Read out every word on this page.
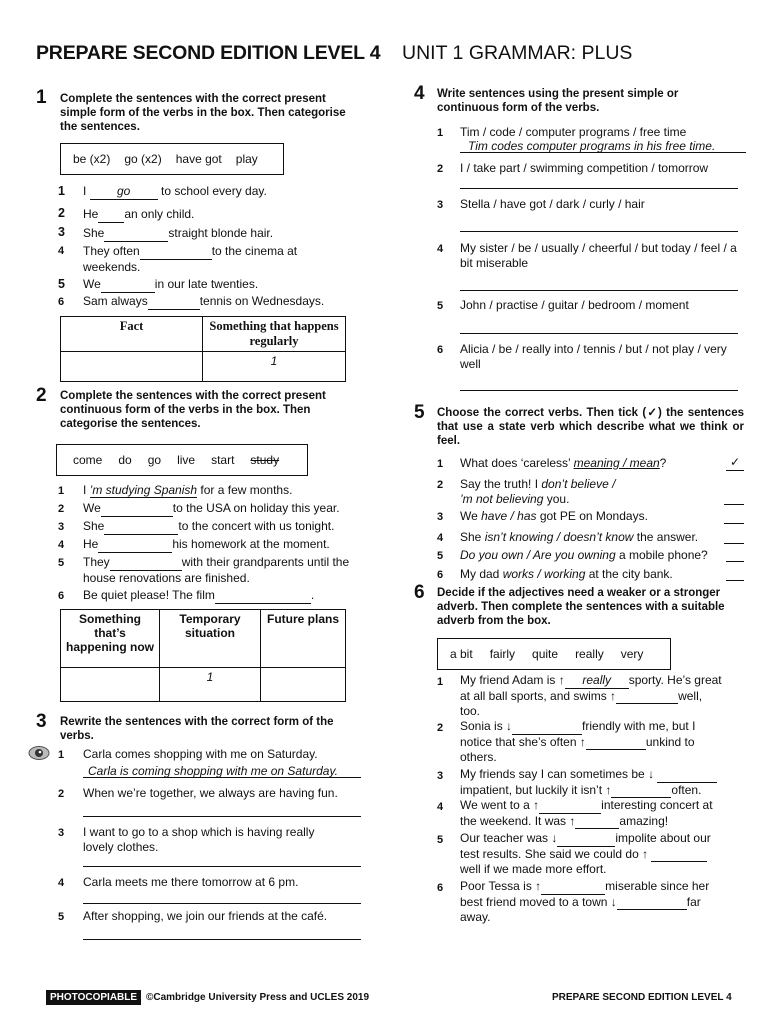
PREPARE SECOND EDITION LEVEL 4 UNIT 1 GRAMMAR: PLUS
1 Complete the sentences with the correct present simple form of the verbs in the box. Then categorise the sentences.
be (x2) go (x2) have got play
1 I go to school every day.
2 He an only child.
3 She	straight blonde hair.
4 They often	to the cinema at weekends.
5 We	in our late twenties.
6 Sam always	tennis on Wednesdays.
Fact	Something that happens regularly
	1
2 Complete the sentences with the correct present continuous form of the verbs in the box. Then categorise the sentences.
come do go live start study
1 I ’m studying Spanish for a few months.
2 We	to the USA on holiday this year.
3 She	to the concert with us tonight.
4 He	his homework at the moment.
5 They	with their grandparents until the house renovations are finished.
6 Be quiet please! The film	.
Something that’s happening now	Temporary situation	Future plans
	1	
3 Rewrite the sentences with the correct form of the verbs.
1 Carla comes shopping with me on Saturday.
Carla is coming shopping with me on Saturday.
2 When we’re together, we always are having fun.
3 I want to go to a shop which is having really lovely clothes.
4 Carla meets me there tomorrow at 6 pm.
5 After shopping, we join our friends at the café.
4 Write sentences using the present simple or continuous form of the verbs.
1 Tim / code / computer programs / free time
Tim codes computer programs in his free time.
2 I / take part / swimming competition / tomorrow
3 Stella / have got / dark / curly / hair
4 My sister / be / usually / cheerful / but today / feel / a bit miserable
5 John / practise / guitar / bedroom / moment
6 Alicia / be / really into / tennis / but / not play / very well
5 Choose the correct verbs. Then tick (✓) the sentences that use a state verb which describe what we think or feel.
1 What does ‘careless’ meaning / mean?	✓
2 Say the truth! I don’t believe /
’m not believing you.
3 We have / has got PE on Mondays.
4 She isn’t knowing / doesn’t know the answer.
5 Do you own / Are you owning a mobile phone?
6 My dad works / working at the city bank.
6 Decide if the adjectives need a weaker or a stronger adverb. Then complete the sentences with a suitable adverb from the box.
a bit fairly quite really very
1 My friend Adam is ↑ really sporty. He’s great
at all ball sports, and swims ↑	well,
too.
2 Sonia is ↓	friendly with me, but I
notice that she’s often ↑	unkind to
others.
3 My friends say I can sometimes be ↓
impatient, but luckily it isn’t ↑	often.
4 We went to a ↑	interesting concert at
the weekend. It was ↑	amazing!
5 Our teacher was ↓	impolite about our
test results. She said we could do ↑
well if we made more effort.
6 Poor Tessa is ↑	miserable since her
best friend moved to a town ↓	far
away.
PHOTOCOPIABLE ©Cambridge University Press and UCLES 2019	PREPARE SECOND EDITION LEVEL 4
